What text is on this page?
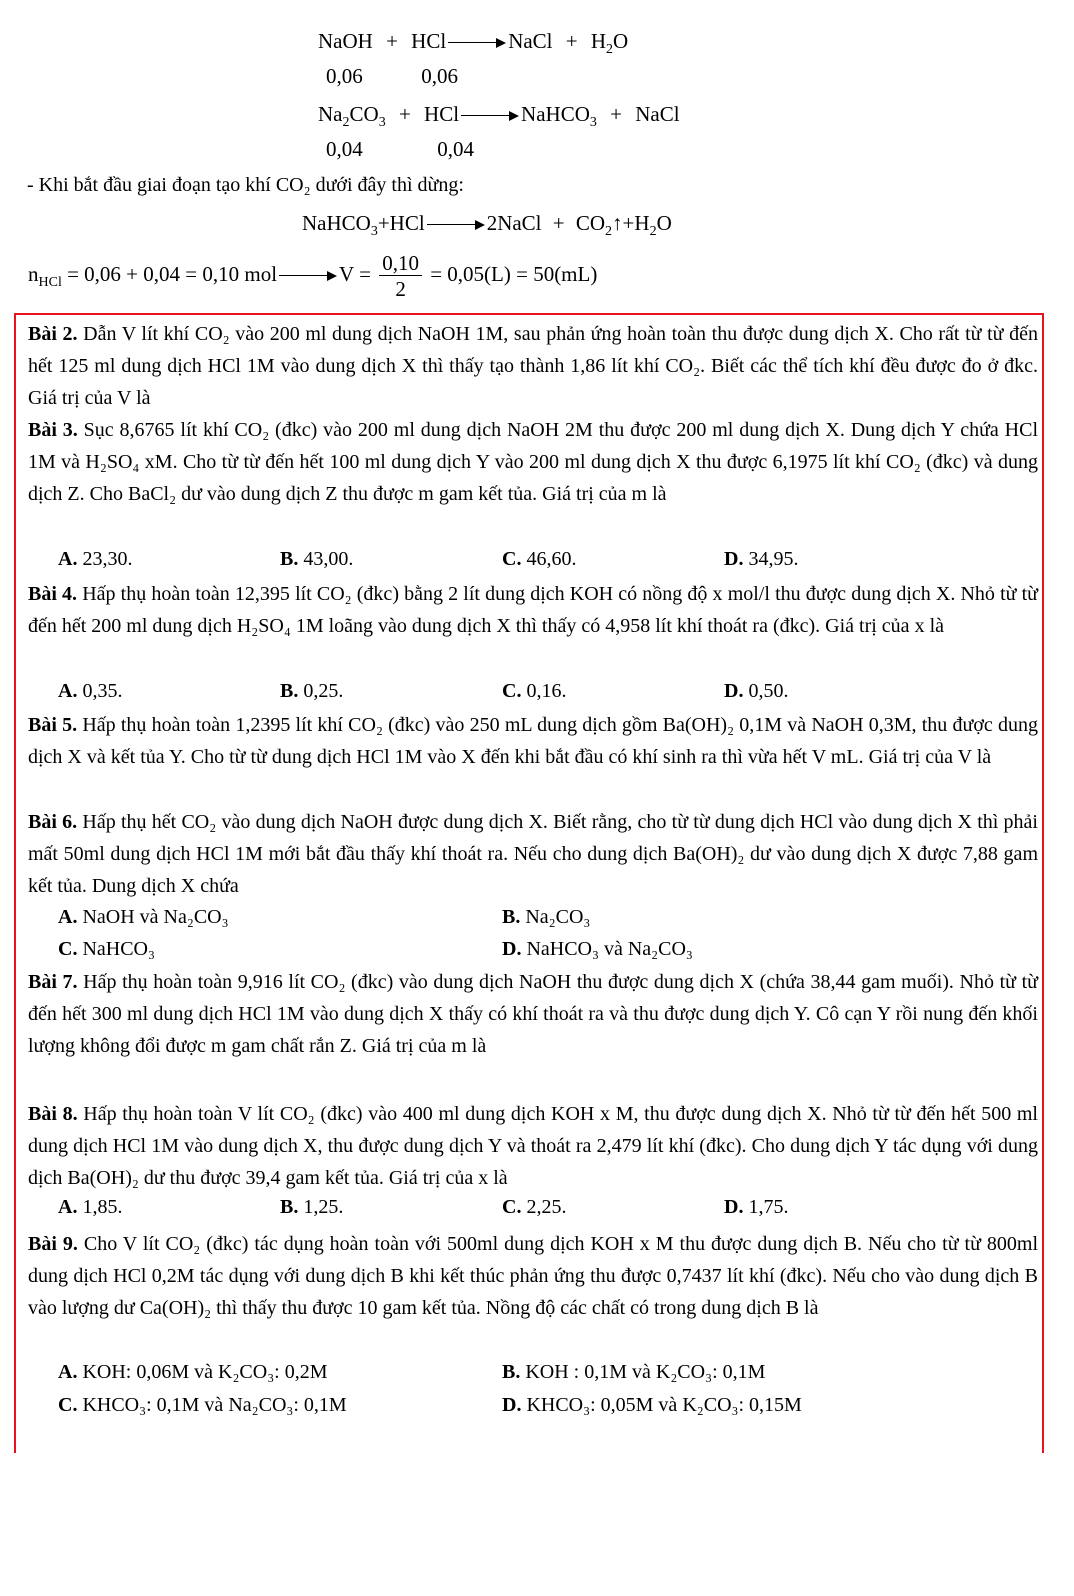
NaOH + HCl	NaCl + $H_2O$
0,06	0,06
$Na_2CO_3$ + HCl	NaHCO$_3$ + NaCl
0,04	0,04
- Khi bắt đầu giai đoạn tạo khí CO₂ dưới đây thì dừng:
NaHCO$_3$+HCl	2NaCl + $CO_2↑+H_2O$
$n_{HCl} = 0,06 + 0,04 = 0,10$ mol	$V = \frac{0,10}{2} = 0,05(L) = 50(mL)$
Bài 2. Dẫn V lít khí CO₂ vào 200 ml dung dịch NaOH 1M, sau phản ứng hoàn toàn thu được dung dịch X. Cho rất từ từ đến hết 125 ml dung dịch HCl 1M vào dung dịch X thì thấy tạo thành 1,86 lít khí CO₂. Biết các thể tích khí đều được đo ở đkc. Giá trị của V là
Bài 3. Sục 8,6765 lít khí CO₂ (đkc) vào 200 ml dung dịch NaOH 2M thu được 200 ml dung dịch X. Dung dịch Y chứa HCl 1M và H₂SO₄ xM. Cho từ từ đến hết 100 ml dung dịch Y vào 200 ml dung dịch X thu được 6,1975 lít khí CO₂ (đkc) và dung dịch Z. Cho BaCl₂ dư vào dung dịch Z thu được m gam kết tủa. Giá trị của m là
A. 23,30.	B. 43,00.	C. 46,60.	D. 34,95.
Bài 4. Hấp thụ hoàn toàn 12,395 lít CO₂ (đkc) bằng 2 lít dung dịch KOH có nồng độ x mol/l thu được dung dịch X. Nhỏ từ từ đến hết 200 ml dung dịch H₂SO₄ 1M loãng vào dung dịch X thì thấy có 4,958 lít khí thoát ra (đkc). Giá trị của x là
A. 0,35.	B. 0,25.	C. 0,16.	D. 0,50.
Bài 5. Hấp thụ hoàn toàn 1,2395 lít khí CO₂ (đkc) vào 250 mL dung dịch gồm Ba(OH)₂ 0,1M và NaOH 0,3M, thu được dung dịch X và kết tủa Y. Cho từ từ dung dịch HCl 1M vào X đến khi bắt đầu có khí sinh ra thì vừa hết V mL. Giá trị của V là
Bài 6. Hấp thụ hết CO₂ vào dung dịch NaOH được dung dịch X. Biết rằng, cho từ từ dung dịch HCl vào dung dịch X thì phải mất 50ml dung dịch HCl 1M mới bắt đầu thấy khí thoát ra. Nếu cho dung dịch Ba(OH)₂ dư vào dung dịch X được 7,88 gam kết tủa. Dung dịch X chứa
A. NaOH và Na₂CO₃	B. Na₂CO₃
C. NaHCO₃	D. NaHCO₃ và Na₂CO₃
Bài 7. Hấp thụ hoàn toàn 9,916 lít CO₂ (đkc) vào dung dịch NaOH thu được dung dịch X (chứa 38,44 gam muối). Nhỏ từ từ đến hết 300 ml dung dịch HCl 1M vào dung dịch X thấy có khí thoát ra và thu được dung dịch Y. Cô cạn Y rồi nung đến khối lượng không đổi được m gam chất rắn Z. Giá trị của m là
Bài 8. Hấp thụ hoàn toàn V lít CO₂ (đkc) vào 400 ml dung dịch KOH x M, thu được dung dịch X. Nhỏ từ từ đến hết 500 ml dung dịch HCl 1M vào dung dịch X, thu được dung dịch Y và thoát ra 2,479 lít khí (đkc). Cho dung dịch Y tác dụng với dung dịch Ba(OH)₂ dư thu được 39,4 gam kết tủa. Giá trị của x là
A. 1,85.	B. 1,25.	C. 2,25.	D. 1,75.
Bài 9. Cho V lít CO₂ (đkc) tác dụng hoàn toàn với 500ml dung dịch KOH x M thu được dung dịch B. Nếu cho từ từ 800ml dung dịch HCl 0,2M tác dụng với dung dịch B khi kết thúc phản ứng thu được 0,7437 lít khí (đkc). Nếu cho vào dung dịch B vào lượng dư Ca(OH)₂ thì thấy thu được 10 gam kết tủa. Nồng độ các chất có trong dung dịch B là
A. KOH: 0,06M và K₂CO₃: 0,2M	B. KOH : 0,1M và K₂CO₃: 0,1M
C. KHCO₃: 0,1M và Na₂CO₃: 0,1M	D. KHCO₃: 0,05M và K₂CO₃: 0,15M
